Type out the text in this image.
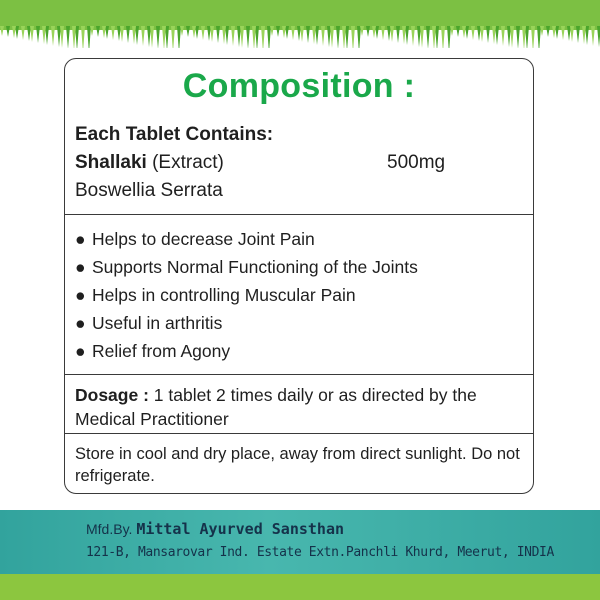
Composition :
Each Tablet Contains:
Shallaki (Extract)	500mg
Boswellia Serrata
● Helps to decrease Joint Pain
● Supports Normal Functioning of the Joints
● Helps in controlling Muscular Pain
● Useful in arthritis
● Relief from Agony
Dosage : 1 tablet 2 times daily or as directed by the Medical Practitioner
Store in cool and dry place, away from direct sunlight. Do not refrigerate.
Mfd.By. Mittal Ayurved Sansthan
121-B, Mansarovar Ind. Estate Extn.Panchli Khurd, Meerut, INDIA
